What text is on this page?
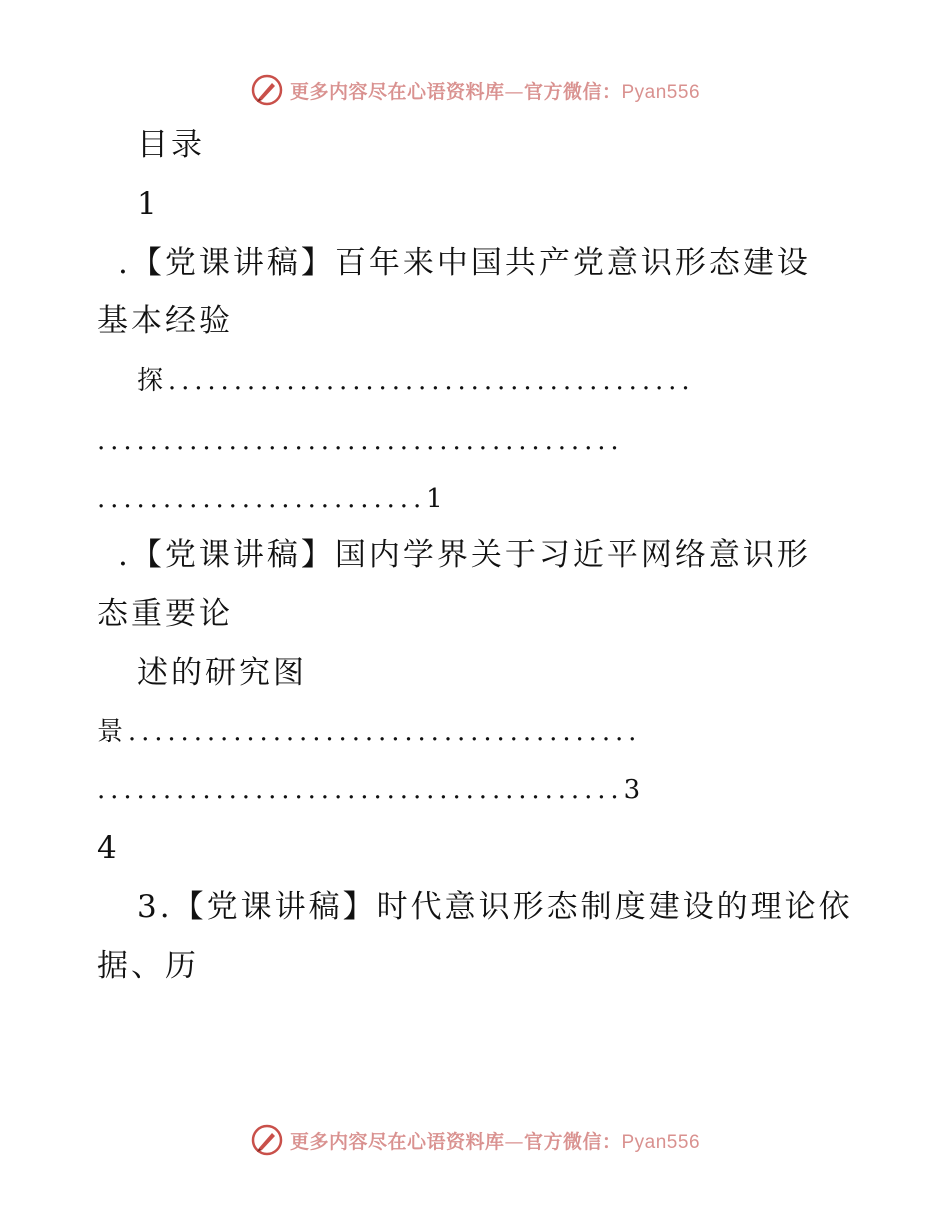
更多内容尽在心语资料库—官方微信：Pyan556
目录
1
.【党课讲稿】百年来中国共产党意识形态建设
基本经验
探........................................
........................................
.........................1
.【党课讲稿】国内学界关于习近平网络意识形
态重要论
述的研究图
景.......................................
........................................3
4
3.【党课讲稿】时代意识形态制度建设的理论依
据、历
更多内容尽在心语资料库—官方微信：Pyan556
